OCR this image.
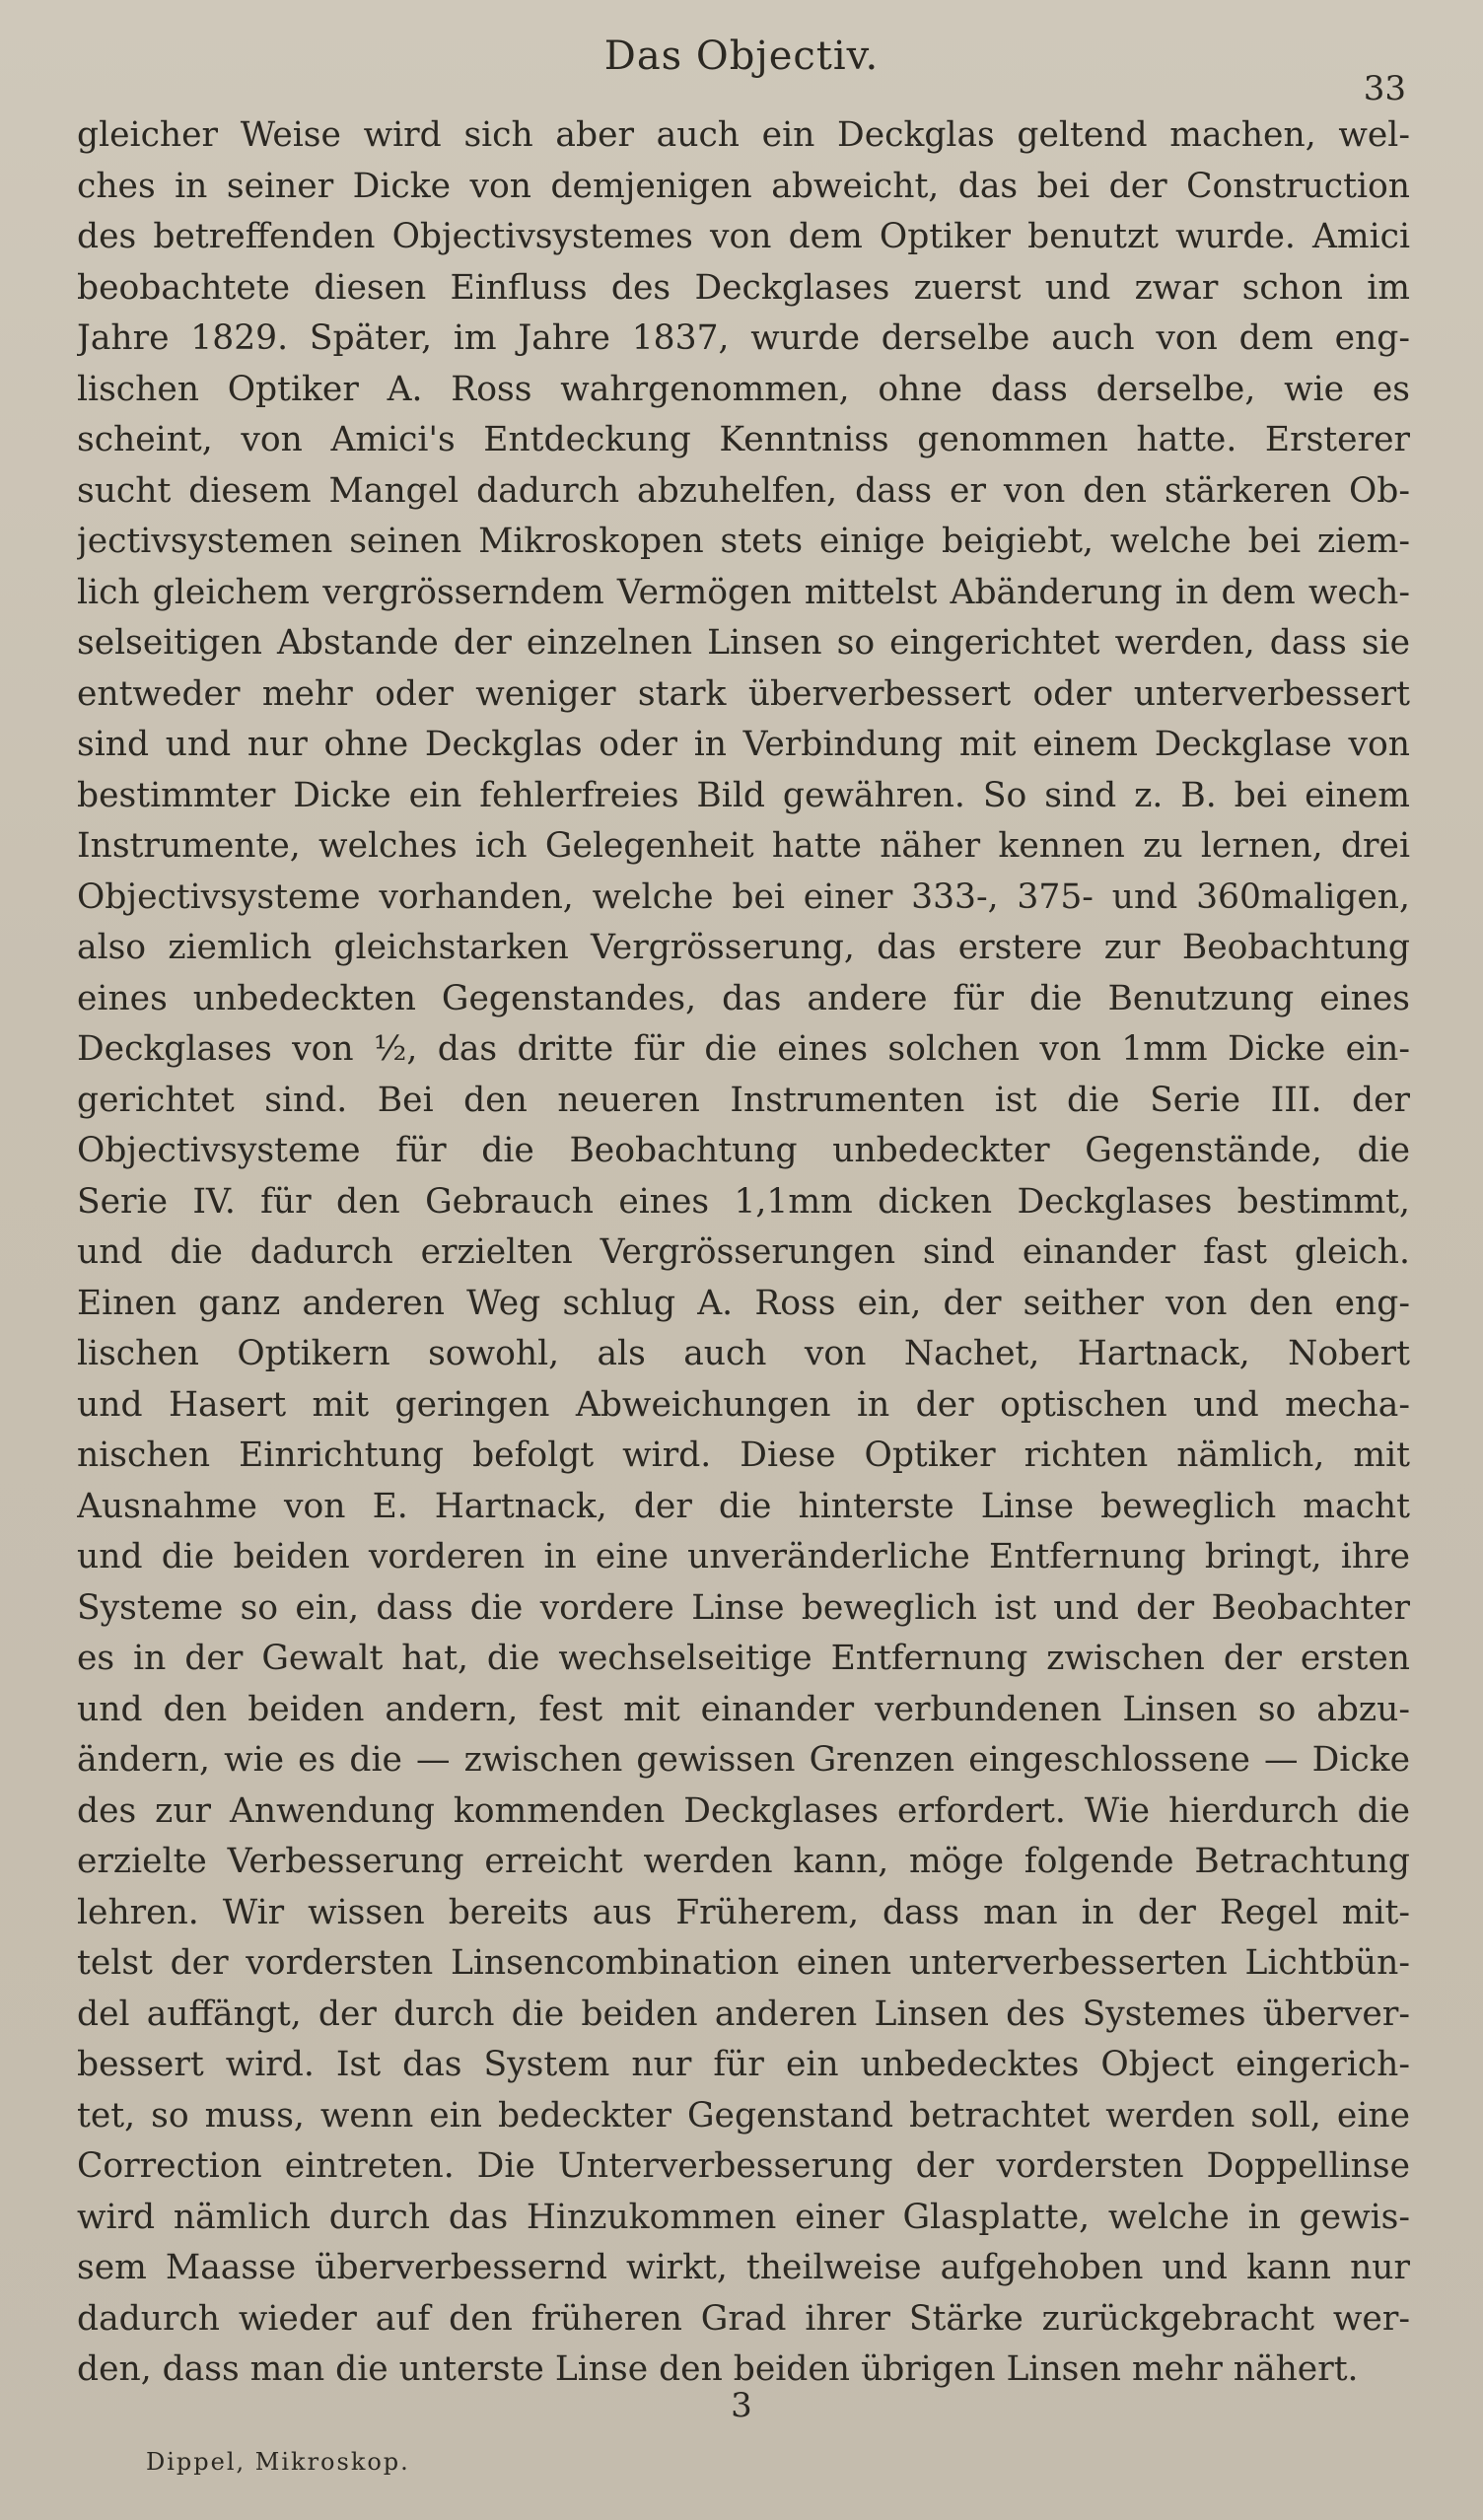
Das Objectiv.
33
gleicher Weise wird sich aber auch ein Deckglas geltend machen, wel-
ches in seiner Dicke von demjenigen abweicht, das bei der Construction
des betreffenden Objectivsystemes von dem Optiker benutzt wurde. Amici
beobachtete diesen Einfluss des Deckglases zuerst und zwar schon im
Jahre 1829. Später, im Jahre 1837, wurde derselbe auch von dem eng-
lischen Optiker A. Ross wahrgenommen, ohne dass derselbe, wie es
scheint, von Amici's Entdeckung Kenntniss genommen hatte. Ersterer
sucht diesem Mangel dadurch abzuhelfen, dass er von den stärkeren Ob-
jectivsystemen seinen Mikroskopen stets einige beigiebt, welche bei ziem-
lich gleichem vergrösserndem Vermögen mittelst Abänderung in dem wech-
selseitigen Abstande der einzelnen Linsen so eingerichtet werden, dass sie
entweder mehr oder weniger stark überverbessert oder unterverbessert
sind und nur ohne Deckglas oder in Verbindung mit einem Deckglase von
bestimmter Dicke ein fehlerfreies Bild gewähren. So sind z. B. bei einem
Instrumente, welches ich Gelegenheit hatte näher kennen zu lernen, drei
Objectivsysteme vorhanden, welche bei einer 333-, 375- und 360maligen,
also ziemlich gleichstarken Vergrösserung, das erstere zur Beobachtung
eines unbedeckten Gegenstandes, das andere für die Benutzung eines
Deckglases von ½, das dritte für die eines solchen von 1mm Dicke ein-
gerichtet sind. Bei den neueren Instrumenten ist die Serie III. der
Objectivsysteme für die Beobachtung unbedeckter Gegenstände, die
Serie IV. für den Gebrauch eines 1,1mm dicken Deckglases bestimmt,
und die dadurch erzielten Vergrösserungen sind einander fast gleich.
Einen ganz anderen Weg schlug A. Ross ein, der seither von den eng-
lischen Optikern sowohl, als auch von Nachet, Hartnack, Nobert
und Hasert mit geringen Abweichungen in der optischen und mecha-
nischen Einrichtung befolgt wird. Diese Optiker richten nämlich, mit
Ausnahme von E. Hartnack, der die hinterste Linse beweglich macht
und die beiden vorderen in eine unveränderliche Entfernung bringt, ihre
Systeme so ein, dass die vordere Linse beweglich ist und der Beobachter
es in der Gewalt hat, die wechselseitige Entfernung zwischen der ersten
und den beiden andern, fest mit einander verbundenen Linsen so abzu-
ändern, wie es die — zwischen gewissen Grenzen eingeschlossene — Dicke
des zur Anwendung kommenden Deckglases erfordert. Wie hierdurch die
erzielte Verbesserung erreicht werden kann, möge folgende Betrachtung
lehren. Wir wissen bereits aus Früherem, dass man in der Regel mit-
telst der vordersten Linsencombination einen unterverbesserten Lichtbün-
del auffängt, der durch die beiden anderen Linsen des Systemes überver-
bessert wird. Ist das System nur für ein unbedecktes Object eingerich-
tet, so muss, wenn ein bedeckter Gegenstand betrachtet werden soll, eine
Correction eintreten. Die Unterverbesserung der vordersten Doppellinse
wird nämlich durch das Hinzukommen einer Glasplatte, welche in gewis-
sem Maasse überverbessernd wirkt, theilweise aufgehoben und kann nur
dadurch wieder auf den früheren Grad ihrer Stärke zurückgebracht wer-
den, dass man die unterste Linse den beiden übrigen Linsen mehr nähert.
3
Dippel, Mikroskop.
